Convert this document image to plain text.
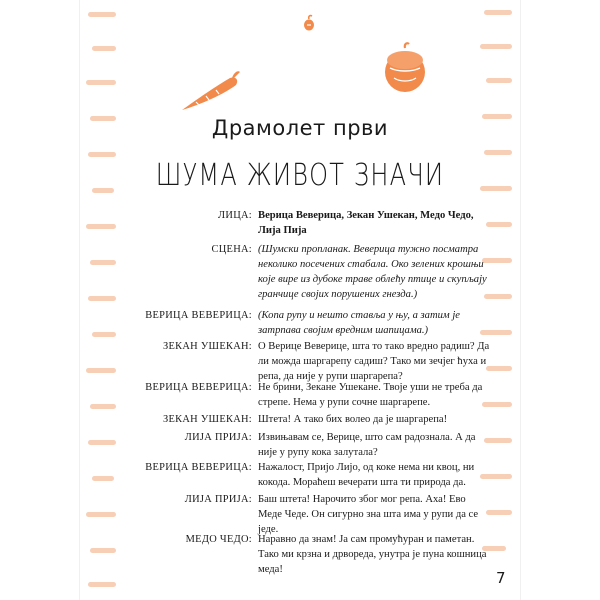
Драмолет први
ШУМА ЖИВОТ ЗНАЧИ
ЛИЦА: Верица Веверица, Зекан Ушекан, Медо Чедо, Лија Пија
СЦЕНА: (Шумски пропланак. Веверица тужно посматра неколико посечених стабала. Око зелених крошњи које вире из дубоке траве облећу птице и скупљају гранчице својих порушених гнезда.)
ВЕРИЦА ВЕВЕРИЦА: (Копа рупу и нешто ставља у њу, а затим је затрпава својим вредним шапицама.)
ЗЕКАН УШЕКАН: О Верице Веверице, шта то тако вредно радиш? Да ли можда шаргарепу садиш? Тако ми зечјег ћуха и репа, да није у рупи шаргарепа?
ВЕРИЦА ВЕВЕРИЦА: Не брини, Зекане Ушекане. Твоје уши не трeба да стрепе. Нема у рупи сочне шаргарепе.
ЗЕКАН УШЕКАН: Штета! А тако бих волео да је шаргарепа!
ЛИЈА ПРИЈА: Извињавам се, Верице, што сам радознала. А да није у рупу кока залутала?
ВЕРИЦА ВЕВЕРИЦА: Нажалост, Пријо Лијо, од коке нема ни квоц, ни кокода. Мораћеш вечерати шта ти природа да.
ЛИЈА ПРИЈА: Баш штета! Нарочито због мог репа. Аха! Ево Медe Чеде. Он сигурно зна шта има у рупи да се једе.
МЕДО ЧЕДО: Наравно да знам! Ја сам промућуран и паметан. Тако ми крзна и дрворедa, унутра је пуна кошница меда!	7
